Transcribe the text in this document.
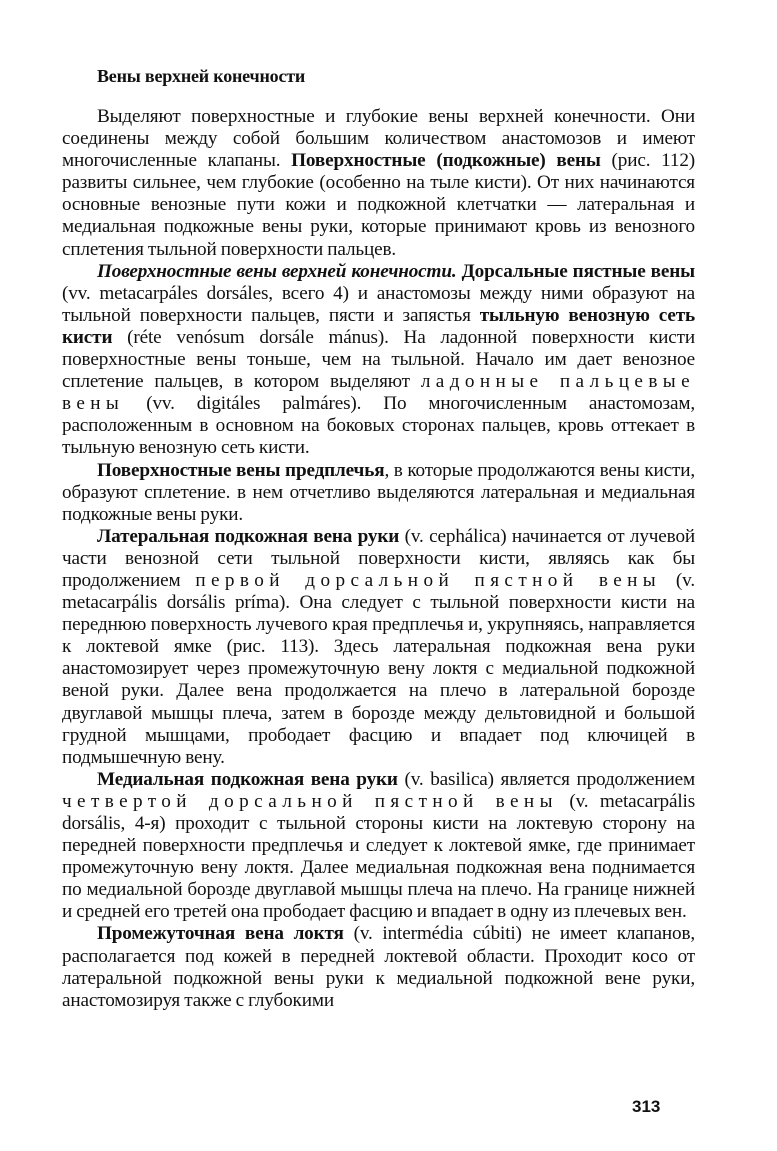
Вены верхней конечности

Выделяют поверхностные и глубокие вены верхней конечности. Они соединены между собой большим количеством анастомозов и имеют многочисленные клапаны. Поверхностные (подкожные) вены (рис. 112) развиты сильнее, чем глубокие (особенно на тыле кисти). От них начинаются основные венозные пути кожи и подкожной клетчатки — латеральная и медиальная подкожные вены руки, которые принимают кровь из венозного сплетения тыльной поверхности пальцев.

Поверхностные вены верхней конечности. Дорсальные пястные вены (vv. metacarpáles dorsáles, всего 4) и анастомозы между ними образуют на тыльной поверхности пальцев, пясти и запястья тыльную венозную сеть кисти (réte venósum dorsále mánus). На ладонной поверхности кисти поверхностные вены тоньше, чем на тыльной. Начало им дает венозное сплетение пальцев, в котором выделяют ладонные пальцевые вены (vv. digitáles palmáres). По многочисленным анастомозам, расположенным в основном на боковых сторонах пальцев, кровь оттекает в тыльную венозную сеть кисти.

Поверхностные вены предплечья, в которые продолжаются вены кисти, образуют сплетение. в нем отчетливо выделяются латеральная и медиальная подкожные вены руки.

Латеральная подкожная вена руки (v. cephálica) начинается от лучевой части венозной сети тыльной поверхности кисти, являясь как бы продолжением первой дорсальной пястной вены (v. metacarpális dorsális príma). Она следует с тыльной поверхности кисти на переднюю поверхность лучевого края предплечья и, укрупняясь, направляется к локтевой ямке (рис. 113). Здесь латеральная подкожная вена руки анастомозирует через промежуточную вену локтя с медиальной подкожной веной руки. Далее вена продолжается на плечо в латеральной борозде двуглавой мышцы плеча, затем в борозде между дельтовидной и большой грудной мышцами, прободает фасцию и впадает под ключицей в подмышечную вену.

Медиальная подкожная вена руки (v. basilica) является продолжением четвертой дорсальной пястной вены (v. metacarpális dorsális, 4-я) проходит с тыльной стороны кисти на локтевую сторону на передней поверхности предплечья и следует к локтевой ямке, где принимает промежуточную вену локтя. Далее медиальная подкожная вена поднимается по медиальной борозде двуглавой мышцы плеча на плечо. На границе нижней и средней его третей она прободает фасцию и впадает в одну из плечевых вен.

Промежуточная вена локтя (v. intermédia cúbiti) не имеет клапанов, располагается под кожей в передней локтевой области. Проходит косо от латеральной подкожной вены руки к медиальной подкожной вене руки, анастомозируя также с глубокими

313
